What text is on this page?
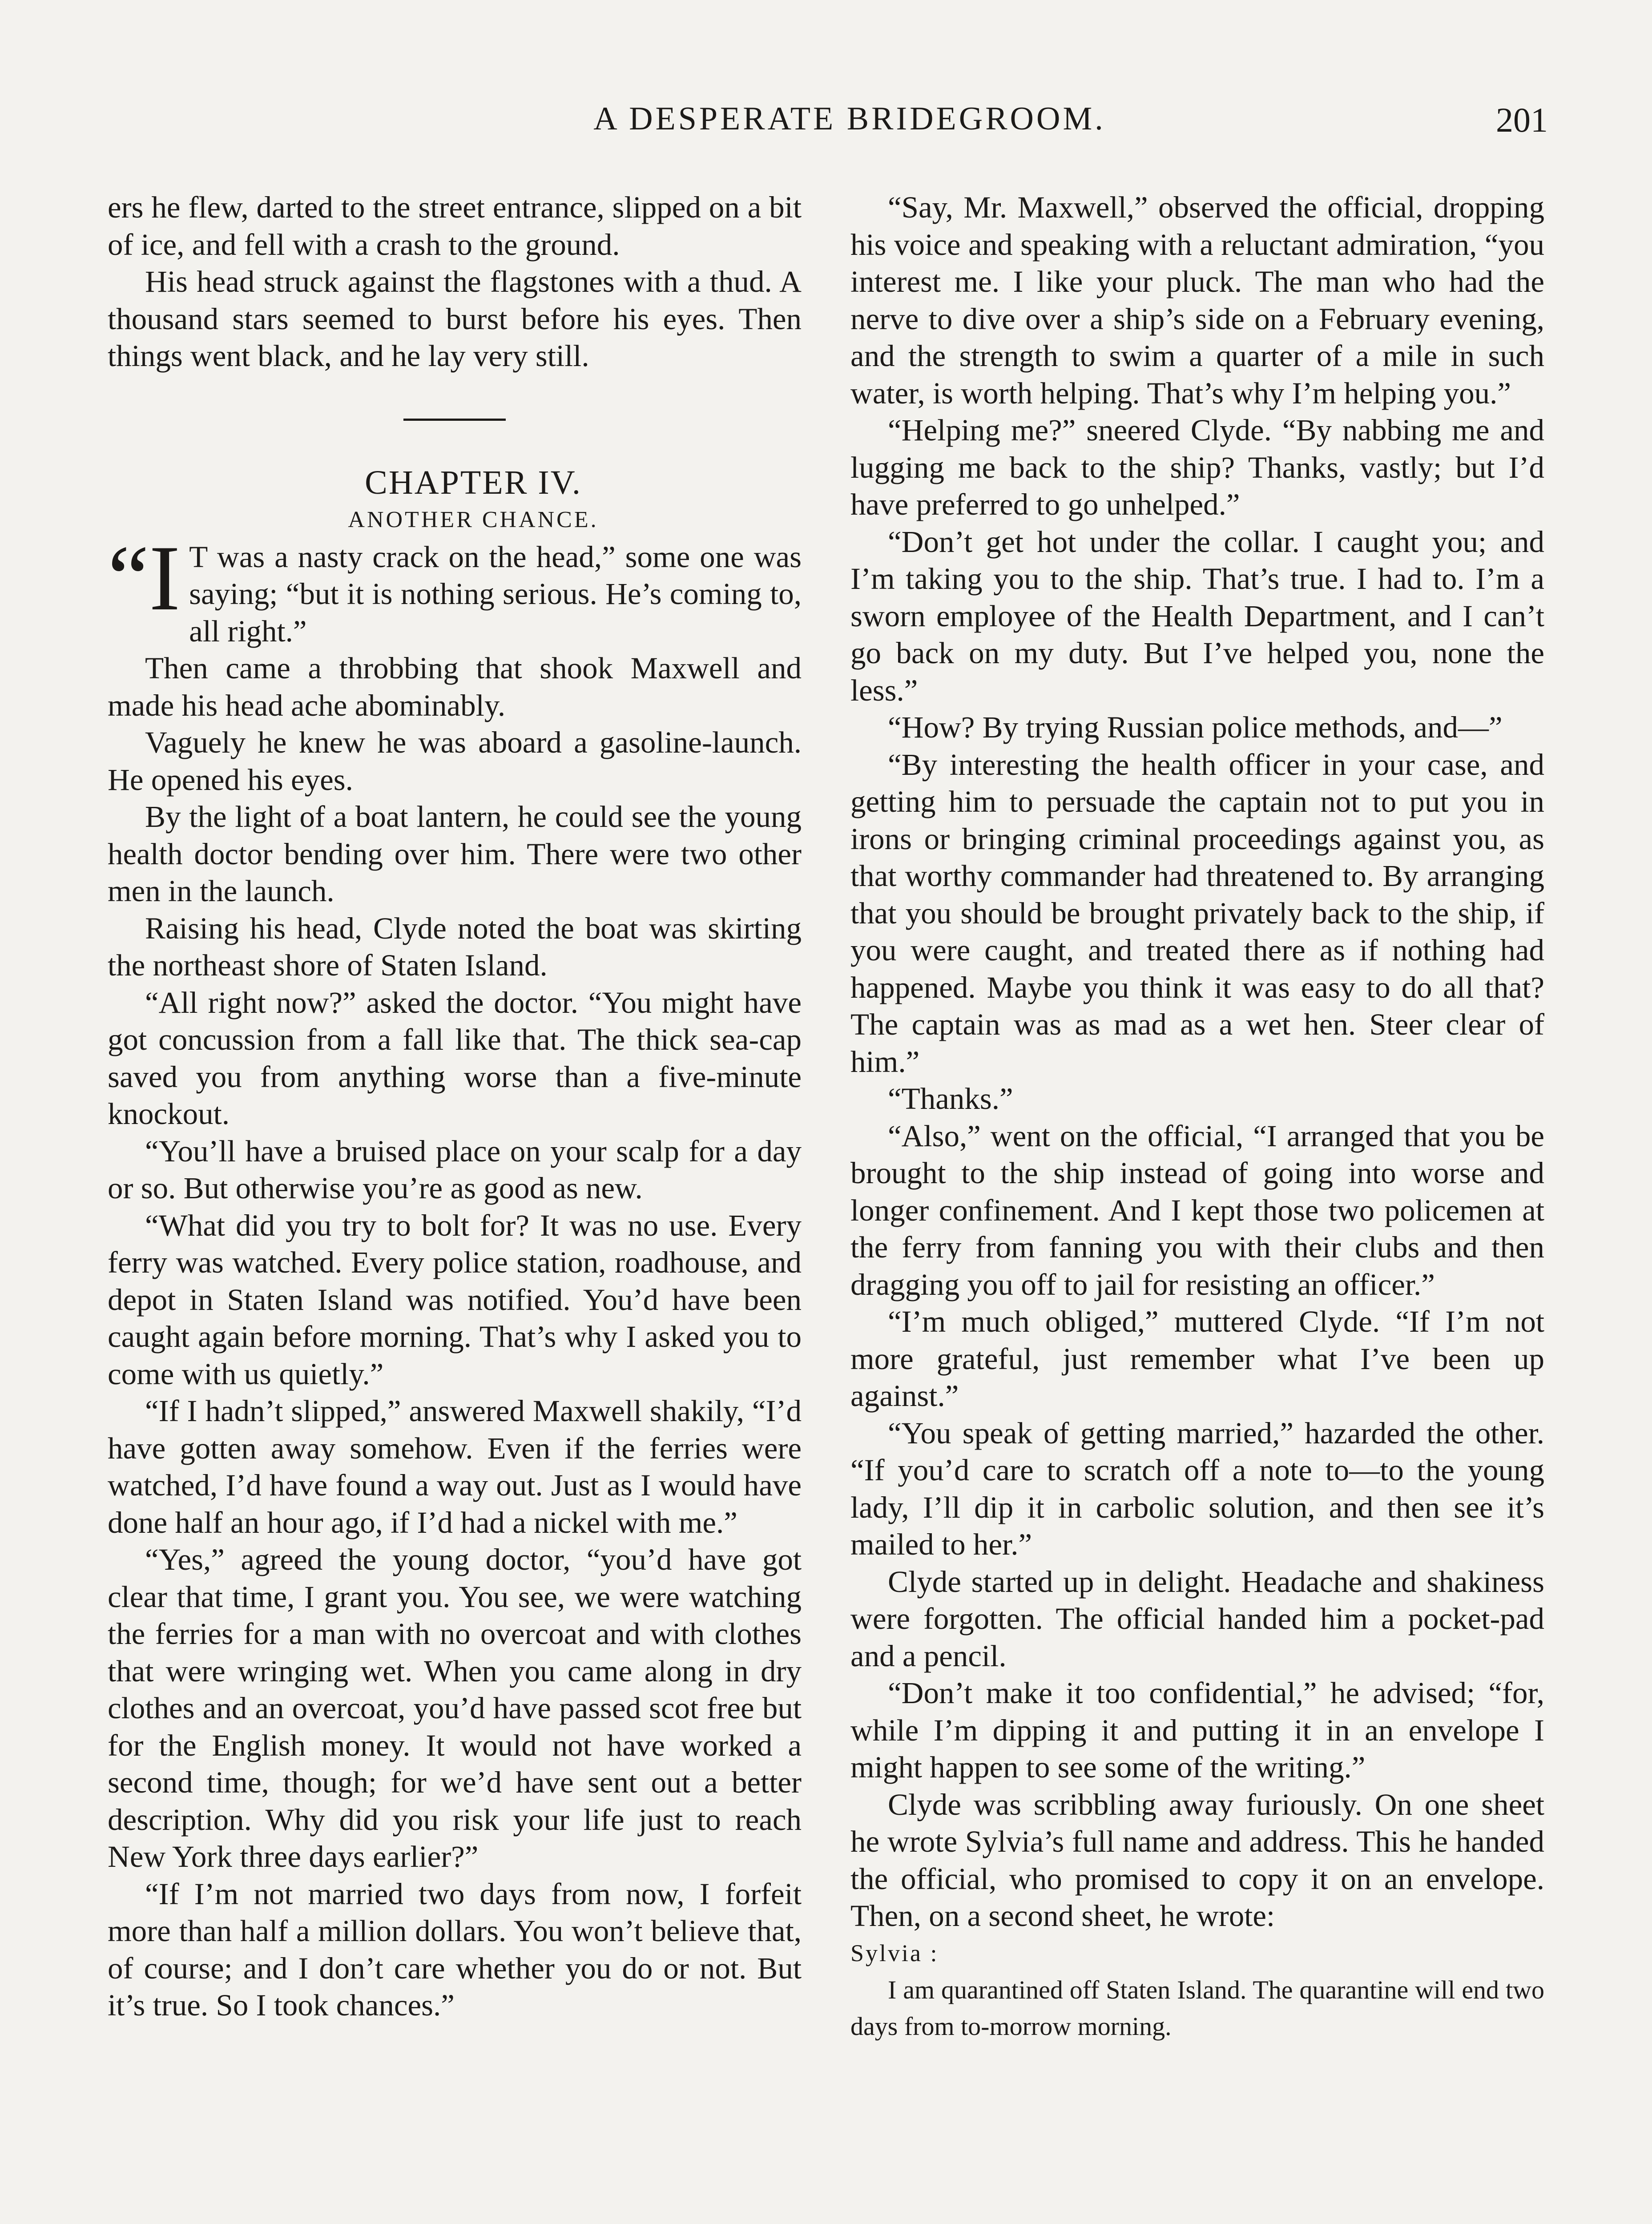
A DESPERATE BRIDEGROOM.	201

ers he flew, darted to the street entrance, slipped on a bit of ice, and fell with a crash to the ground.

His head struck against the flagstones with a thud. A thousand stars seemed to burst before his eyes. Then things went black, and he lay very still.

CHAPTER IV.

ANOTHER CHANCE.

“I T was a nasty crack on the head,” some one was saying; “but it is nothing serious. He’s coming to, all right.”

Then came a throbbing that shook Maxwell and made his head ache abominably.

Vaguely he knew he was aboard a gasoline-launch. He opened his eyes.

By the light of a boat lantern, he could see the young health doctor bending over him. There were two other men in the launch.

Raising his head, Clyde noted the boat was skirting the northeast shore of Staten Island.

“All right now?” asked the doctor. “You might have got concussion from a fall like that. The thick sea-cap saved you from anything worse than a five-minute knockout.

“You’ll have a bruised place on your scalp for a day or so. But otherwise you’re as good as new.

“What did you try to bolt for? It was no use. Every ferry was watched. Every police station, roadhouse, and depot in Staten Island was notified. You’d have been caught again before morning. That’s why I asked you to come with us quietly.”

“If I hadn’t slipped,” answered Maxwell shakily, “I’d have gotten away somehow. Even if the ferries were watched, I’d have found a way out. Just as I would have done half an hour ago, if I’d had a nickel with me.”

“Yes,” agreed the young doctor, “you’d have got clear that time, I grant you. You see, we were watching the ferries for a man with no overcoat and with clothes that were wringing wet. When you came along in dry clothes and an overcoat, you’d have passed scot free but for the English money. It would not have worked a second time, though; for we’d have sent out a better description. Why did you risk your life just to reach New York three days earlier?”

“If I’m not married two days from now, I forfeit more than half a million dollars. You won’t believe that, of course; and I don’t care whether you do or not. But it’s true. So I took chances.”

“Say, Mr. Maxwell,” observed the official, dropping his voice and speaking with a reluctant admiration, “you interest me. I like your pluck. The man who had the nerve to dive over a ship’s side on a February evening, and the strength to swim a quarter of a mile in such water, is worth helping. That’s why I’m helping you.”

“Helping me?” sneered Clyde. “By nabbing me and lugging me back to the ship? Thanks, vastly; but I’d have preferred to go unhelped.”

“Don’t get hot under the collar. I caught you; and I’m taking you to the ship. That’s true. I had to. I’m a sworn employee of the Health Department, and I can’t go back on my duty. But I’ve helped you, none the less.”

“How? By trying Russian police methods, and—”

“By interesting the health officer in your case, and getting him to persuade the captain not to put you in irons or bringing criminal proceedings against you, as that worthy commander had threatened to. By arranging that you should be brought privately back to the ship, if you were caught, and treated there as if nothing had happened. Maybe you think it was easy to do all that? The captain was as mad as a wet hen. Steer clear of him.”

“Thanks.”

“Also,” went on the official, “I arranged that you be brought to the ship instead of going into worse and longer confinement. And I kept those two policemen at the ferry from fanning you with their clubs and then dragging you off to jail for resisting an officer.”

“I’m much obliged,” muttered Clyde. “If I’m not more grateful, just remember what I’ve been up against.”

“You speak of getting married,” hazarded the other. “If you’d care to scratch off a note to—to the young lady, I’ll dip it in carbolic solution, and then see it’s mailed to her.”

Clyde started up in delight. Headache and shakiness were forgotten. The official handed him a pocket-pad and a pencil.

“Don’t make it too confidential,” he advised; “for, while I’m dipping it and putting it in an envelope I might happen to see some of the writing.”

Clyde was scribbling away furiously. On one sheet he wrote Sylvia’s full name and address. This he handed the official, who promised to copy it on an envelope. Then, on a second sheet, he wrote:

Sylvia :

I am quarantined off Staten Island. The quarantine will end two days from to-morrow morning.
